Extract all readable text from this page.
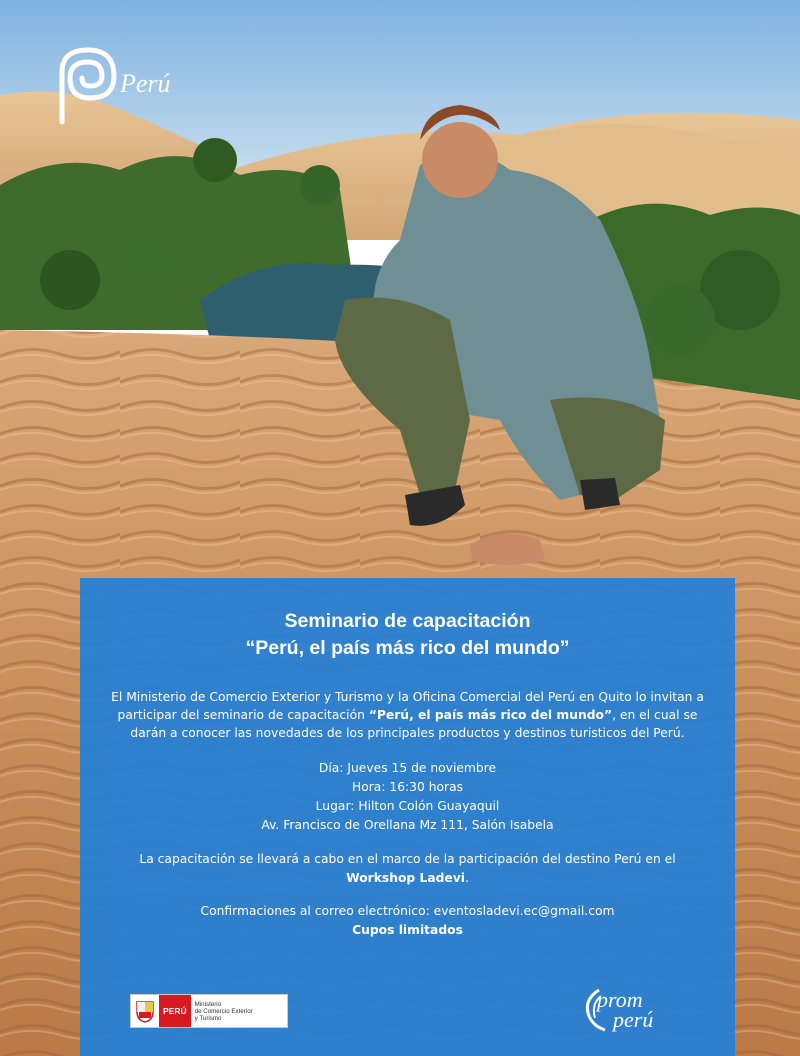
Perú
Seminario de capacitación
“Perú, el país más rico del mundo”
El Ministerio de Comercio Exterior y Turismo y la Oficina Comercial del Perú en Quito lo invitan a participar del seminario de capacitación “Perú, el país más rico del mundo”, en el cual se darán a conocer las novedades de los principales productos y destinos turisticos del Perú.
Día: Jueves 15 de noviembre
Hora: 16:30 horas
Lugar: Hilton Colón Guayaquil
Av. Francisco de Orellana Mz 111, Salón Isabela
La capacitación se llevará a cabo en el marco de la participación del destino Perú en el Workshop Ladevi.
Confirmaciones al correo electrónico: eventosladevi.ec@gmail.com
Cupos limitados
PERÚ
Ministerio
de Comercio Exterior
y Turismo
prom
perú
